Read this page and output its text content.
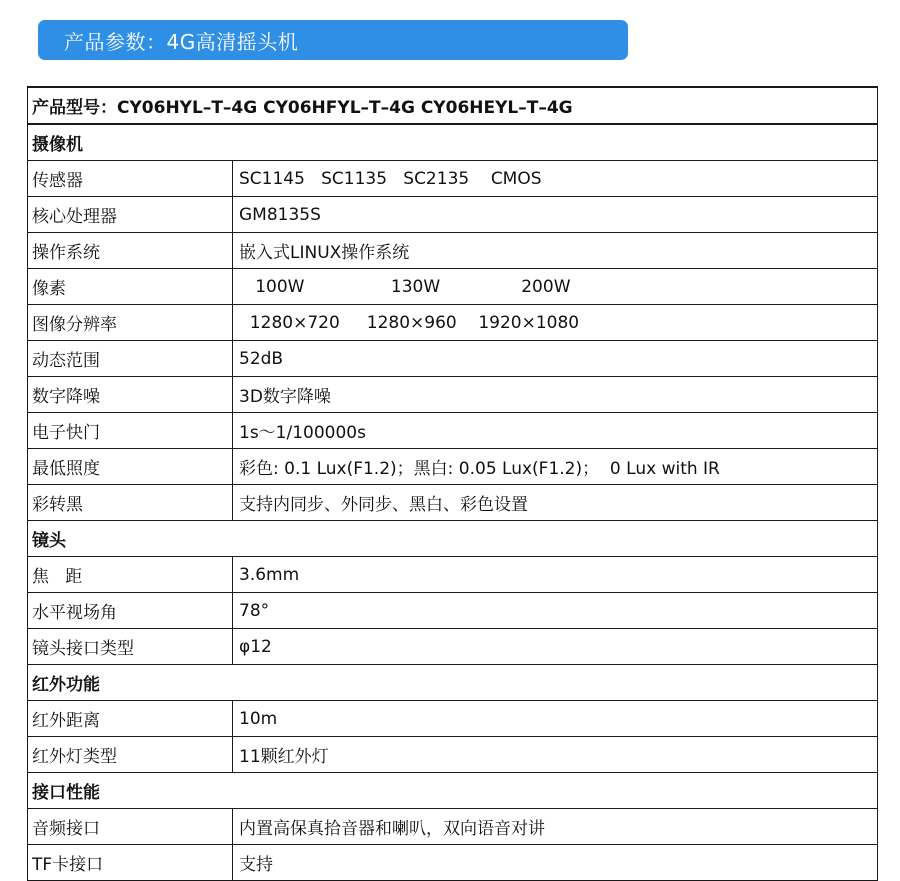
产品参数：4G高清摇头机
产品型号：CY06HYL–T–4G CY06HFYL–T–4G CY06HEYL–T–4G	
摄像机	
传感器	SC1145   SC1135   SC2135    CMOS
核心处理器	GM8135S
操作系统	嵌入式LINUX操作系统
像素	100W                130W               200W
图像分辨率	1280×720     1280×960    1920×1080
动态范围	52dB
数字降噪	3D数字降噪
电子快门	1s～1/100000s
最低照度	彩色: 0.1 Lux(F1.2)；黑白: 0.05 Lux(F1.2)；  0 Lux with IR
彩转黑	支持内同步、外同步、黑白、彩色设置
镜头	
焦   距	3.6mm
水平视场角	78°
镜头接口类型	φ12
红外功能	
红外距离	10m
红外灯类型	11颗红外灯
接口性能	
音频接口	内置高保真拾音器和喇叭，双向语音对讲
TF卡接口	支持
